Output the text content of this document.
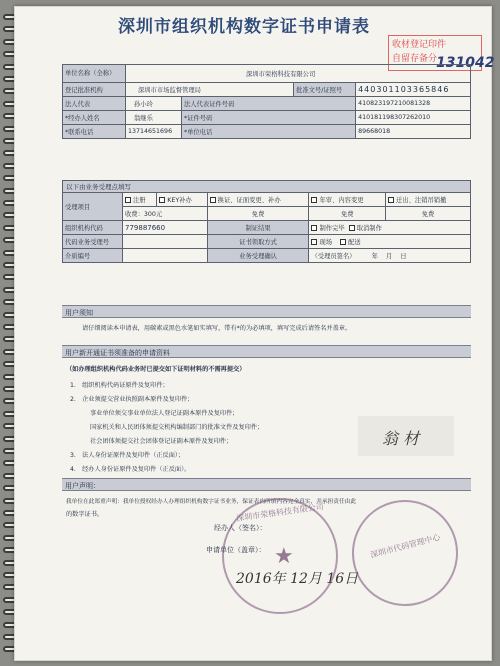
深圳市组织机构数字证书申请表
收材登记印件
自留存备分
131042
单位名称（全称）	深圳市荣格科技有限公司			
登记批准机构	深圳市市场监督管理局		批准文号/证照号	440301103365846
法人代表	孙小玲	法人代表证件号码		410823197210081328
*经办人姓名	翁继乐	*证件号码		410181198307262010
*联系电话	13714651696	*单位电话		89668018
以下由业务受理点填写
受理项目	注册	KEY补办	换证、证面变更、补办	年审、内容变更	迁出、注销吊销撤
	收费：300元		免费	免费	免费
组织机构代码	779887660		制证结果	制作完毕 取消制作	
代码业务受理号			证书领取方式	现场 配送	
介质编号			业务受理确认	（受理员签名） 年 月 日	
用户须知
请仔细阅读本申请表，用碳素或黑色水笔如实填写，带有*的为必填项，填写完成后请签名并盖章。
用户新开通证书须准备的申请资料
（如办理组织机构代码业务时已提交如下证明材料的不需再提交）
1.　组织机构代码证原件及复印件；
2.　企业须提交营业执照副本原件及复印件；
事业单位须交事业单位法人登记证副本原件及复印件；
国家机关和人民团体须提交机构编制部门的批准文件及复印件；
社会团体须提交社会团体登记证副本原件及复印件；
3.　法人身份证原件及复印件（正反面）；
4.　经办人身份证原件及复印件（正反面）。
翁 材
用户声明：
我单位在此郑重声明：我单位授权经办人办理组织机构数字证书业务，保证表内所填内容完全真实，并承担责任由此
的数字证书。
经办人（签名）：
申请单位（盖章）：
2016年 12月 16日
★
深圳市荣格科技有限公司
深圳市代码管理中心
